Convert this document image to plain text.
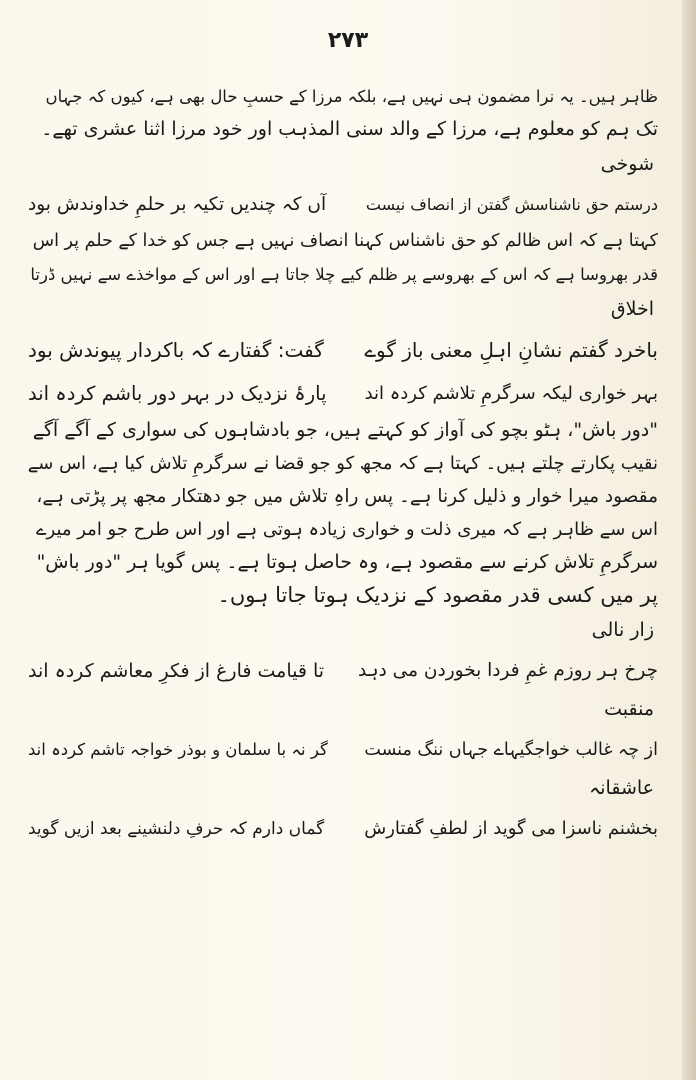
۲۷۳
ظاہر ہیں۔ یہ نرا مضمون ہی نہیں ہے، بلکہ مرزا کے حسبِ حال بھی ہے، کیوں کہ جہاں
تک ہم کو معلوم ہے، مرزا کے والد سنی المذہب اور خود مرزا اثنا عشری تھے۔
شوخی
درستم حق ناشناسش گفتن از انصاف نیست
آں کہ چندیں تکیہ بر حلمِ خداوندش بود
کہتا ہے کہ اس ظالم کو حق ناشناس کہنا انصاف نہیں ہے جس کو خدا کے حلم پر اس
قدر بھروسا ہے کہ اس کے بھروسے پر ظلم کیے چلا جاتا ہے اور اس کے مواخذے سے نہیں ڈرتا
اخلاق
باخرد گفتم نشانِ اہلِ معنی باز گوے
گفت: گفتارے کہ باکردار پیوندش بود
بہر خواری لیکہ سرگرمِ تلاشم کردہ اند
پارۂ نزدیک در بہر دور باشم کردہ اند
"دور باش"، ہٹو بچو کی آواز کو کہتے ہیں، جو بادشاہوں کی سواری کے آگے آگے
نقیب پکارتے چلتے ہیں۔ کہتا ہے کہ مجھ کو جو قضا نے سرگرمِ تلاش کیا ہے، اس سے
مقصود میرا خوار و ذلیل کرنا ہے۔ پس راہِ تلاش میں جو دھتکار مجھ پر پڑتی ہے،
اس سے ظاہر ہے کہ میری ذلت و خواری زیادہ ہوتی ہے اور اس طرح جو امر میرے
سرگرمِ تلاش کرنے سے مقصود ہے، وہ حاصل ہوتا ہے۔ پس گویا ہر "دور باش"
پر میں کسی قدر مقصود کے نزدیک ہوتا جاتا ہوں۔
زار نالی
چرخ ہر روزم غمِ فردا بخوردن می دہد
تا قیامت فارغ از فکرِ معاشم کردہ اند
منقبت
از چہ غالب خواجگیہاے جہاں ننگ منست
گر نہ با سلمان و بوذر خواجہ تاشم کردہ اند
عاشقانہ
بخشنم ناسزا می گوید از لطفِ گفتارش
گماں دارم کہ حرفِ دلنشینے بعد ازیں گوید
